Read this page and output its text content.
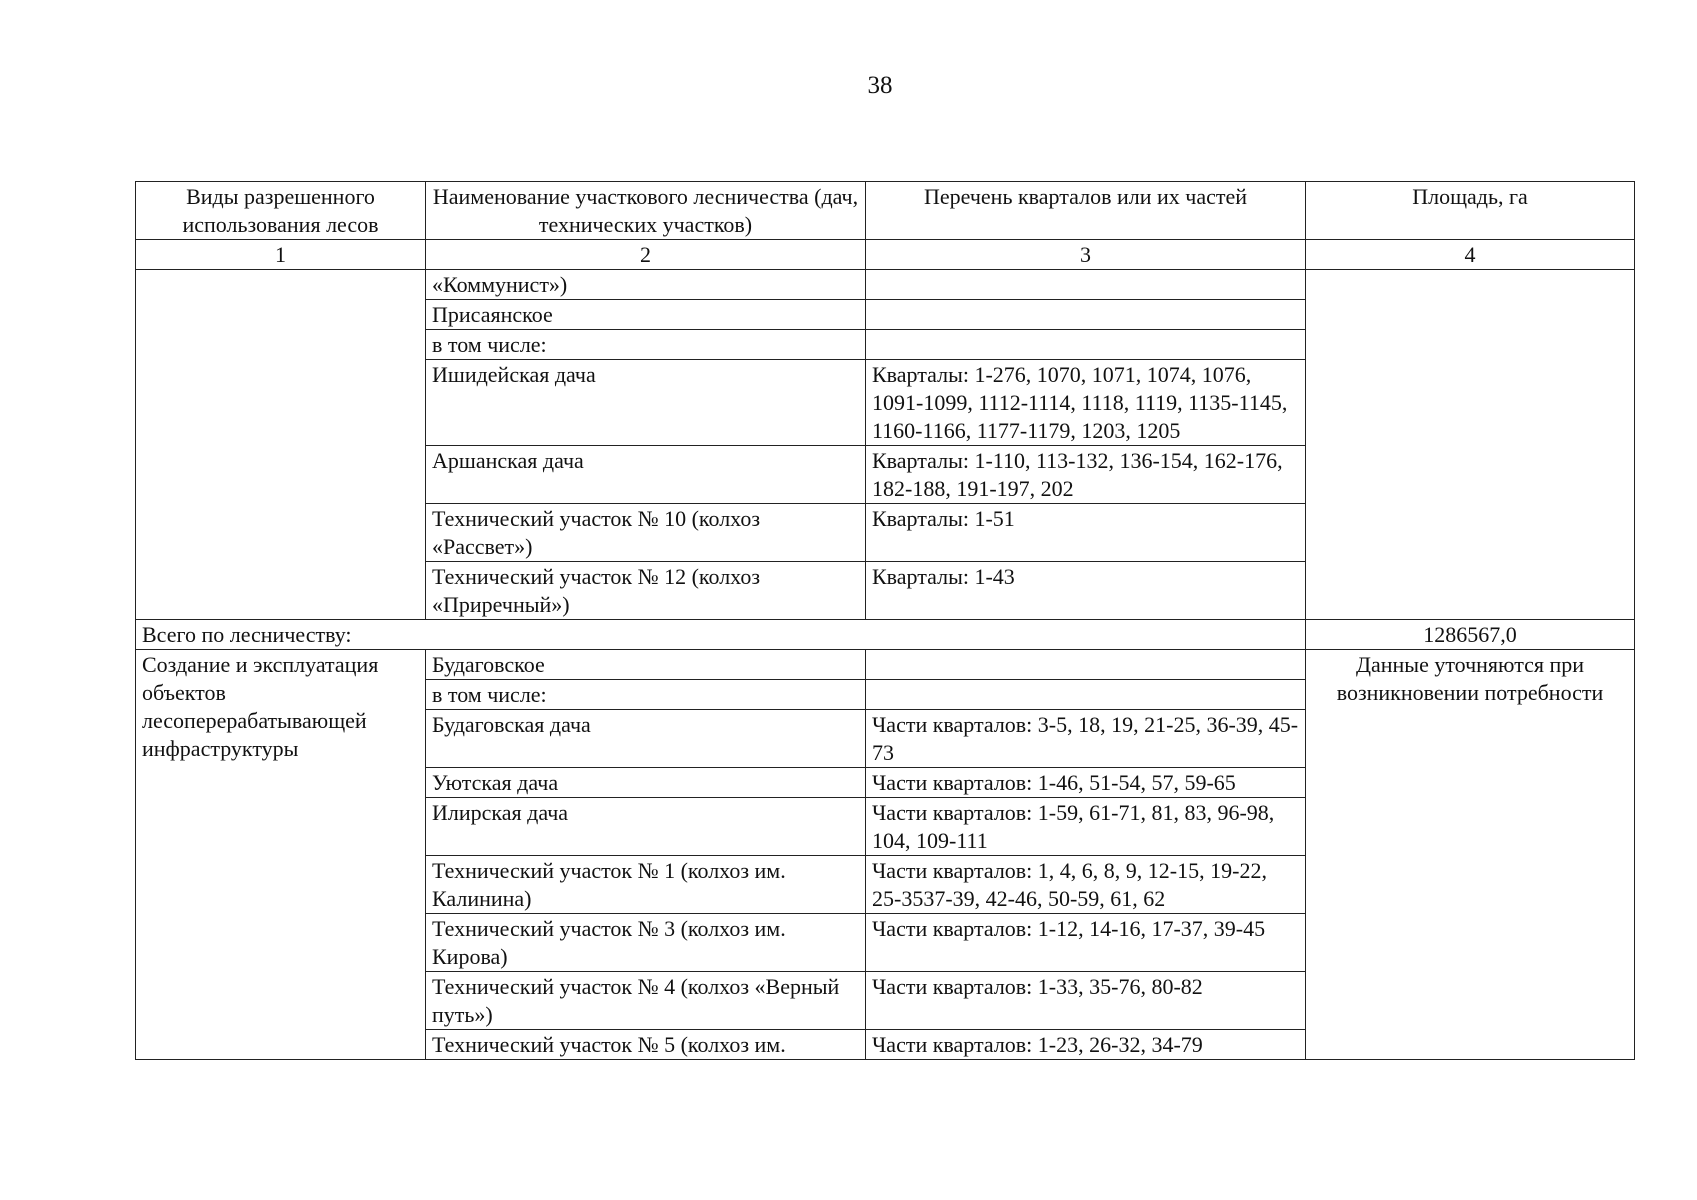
38
Виды разрешенного использования лесов	Наименование участкового лесничества (дач, технических участков)	Перечень кварталов или их частей	Площадь, га
1	2	3	4
	«Коммунист»)		
	Присаянское		
	в том числе:		
	Ишидейская дача	Кварталы: 1-276, 1070, 1071, 1074, 1076, 1091-1099, 1112-1114, 1118, 1119, 1135-1145, 1160-1166, 1177-1179, 1203, 1205	
	Аршанская дача	Кварталы: 1-110, 113-132, 136-154, 162-176, 182-188, 191-197, 202	
	Технический участок № 10 (колхоз «Рассвет»)	Кварталы: 1-51	
	Технический участок № 12 (колхоз «Приречный»)	Кварталы: 1-43	
Всего по лесничеству:			1286567,0
Создание и эксплуатация объектов лесоперерабатывающей инфраструктуры	Будаговское		Данные уточняются при возникновении потребности
	в том числе:		
	Будаговская дача	Части кварталов: 3-5, 18, 19, 21-25, 36-39, 45-73	
	Уютская дача	Части кварталов: 1-46, 51-54, 57, 59-65	
	Илирская дача	Части кварталов: 1-59, 61-71, 81, 83, 96-98, 104, 109-111	
	Технический участок № 1 (колхоз им. Калинина)	Части кварталов: 1, 4, 6, 8, 9, 12-15, 19-22, 25-3537-39, 42-46, 50-59, 61, 62	
	Технический участок № 3 (колхоз им. Кирова)	Части кварталов: 1-12, 14-16, 17-37, 39-45	
	Технический участок № 4 (колхоз «Верный путь»)	Части кварталов: 1-33, 35-76, 80-82	
	Технический участок № 5 (колхоз им.	Части кварталов: 1-23, 26-32, 34-79	
